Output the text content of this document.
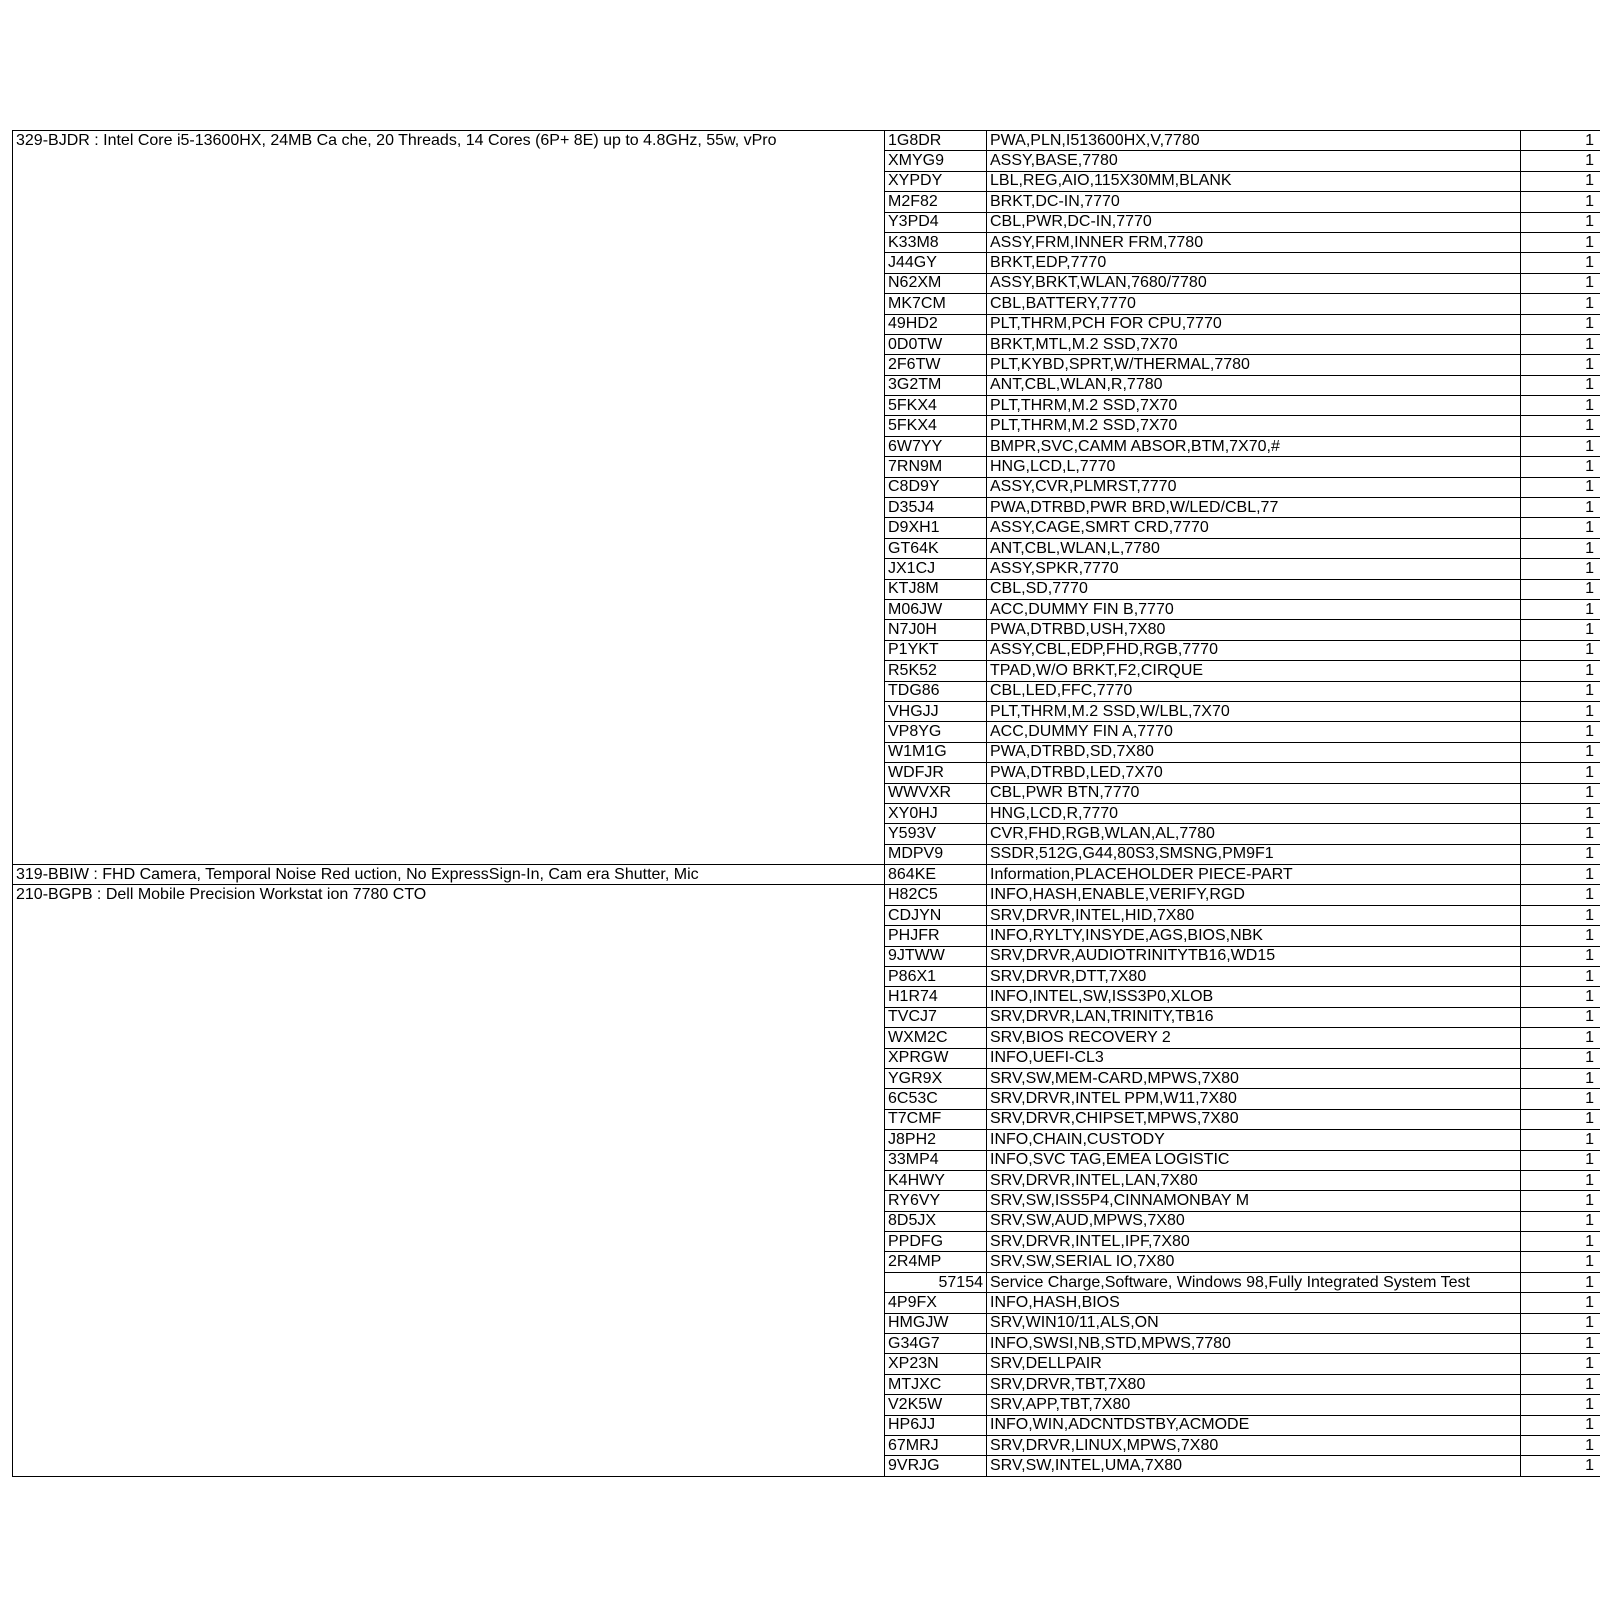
329-BJDR : Intel Core i5-13600HX, 24MB Ca che, 20 Threads, 14 Cores (6P+ 8E) up to 4.8GHz, 55w, vPro	1G8DR	PWA,PLN,I513600HX,V,7780	1
	XMYG9	ASSY,BASE,7780	1
	XYPDY	LBL,REG,AIO,115X30MM,BLANK	1
	M2F82	BRKT,DC-IN,7770	1
	Y3PD4	CBL,PWR,DC-IN,7770	1
	K33M8	ASSY,FRM,INNER FRM,7780	1
	J44GY	BRKT,EDP,7770	1
	N62XM	ASSY,BRKT,WLAN,7680/7780	1
	MK7CM	CBL,BATTERY,7770	1
	49HD2	PLT,THRM,PCH FOR CPU,7770	1
	0D0TW	BRKT,MTL,M.2 SSD,7X70	1
	2F6TW	PLT,KYBD,SPRT,W/THERMAL,7780	1
	3G2TM	ANT,CBL,WLAN,R,7780	1
	5FKX4	PLT,THRM,M.2 SSD,7X70	1
	5FKX4	PLT,THRM,M.2 SSD,7X70	1
	6W7YY	BMPR,SVC,CAMM ABSOR,BTM,7X70,#	1
	7RN9M	HNG,LCD,L,7770	1
	C8D9Y	ASSY,CVR,PLMRST,7770	1
	D35J4	PWA,DTRBD,PWR BRD,W/LED/CBL,77	1
	D9XH1	ASSY,CAGE,SMRT CRD,7770	1
	GT64K	ANT,CBL,WLAN,L,7780	1
	JX1CJ	ASSY,SPKR,7770	1
	KTJ8M	CBL,SD,7770	1
	M06JW	ACC,DUMMY FIN B,7770	1
	N7J0H	PWA,DTRBD,USH,7X80	1
	P1YKT	ASSY,CBL,EDP,FHD,RGB,7770	1
	R5K52	TPAD,W/O BRKT,F2,CIRQUE	1
	TDG86	CBL,LED,FFC,7770	1
	VHGJJ	PLT,THRM,M.2 SSD,W/LBL,7X70	1
	VP8YG	ACC,DUMMY FIN A,7770	1
	W1M1G	PWA,DTRBD,SD,7X80	1
	WDFJR	PWA,DTRBD,LED,7X70	1
	WWVXR	CBL,PWR BTN,7770	1
	XY0HJ	HNG,LCD,R,7770	1
	Y593V	CVR,FHD,RGB,WLAN,AL,7780	1
	MDPV9	SSDR,512G,G44,80S3,SMSNG,PM9F1	1
319-BBIW : FHD Camera, Temporal Noise Red uction, No ExpressSign-In, Cam era Shutter, Mic	864KE	Information,PLACEHOLDER PIECE-PART	1
210-BGPB : Dell Mobile Precision Workstat ion 7780 CTO	H82C5	INFO,HASH,ENABLE,VERIFY,RGD	1
	CDJYN	SRV,DRVR,INTEL,HID,7X80	1
	PHJFR	INFO,RYLTY,INSYDE,AGS,BIOS,NBK	1
	9JTWW	SRV,DRVR,AUDIOTRINITYTB16,WD15	1
	P86X1	SRV,DRVR,DTT,7X80	1
	H1R74	INFO,INTEL,SW,ISS3P0,XLOB	1
	TVCJ7	SRV,DRVR,LAN,TRINITY,TB16	1
	WXM2C	SRV,BIOS RECOVERY 2	1
	XPRGW	INFO,UEFI-CL3	1
	YGR9X	SRV,SW,MEM-CARD,MPWS,7X80	1
	6C53C	SRV,DRVR,INTEL PPM,W11,7X80	1
	T7CMF	SRV,DRVR,CHIPSET,MPWS,7X80	1
	J8PH2	INFO,CHAIN,CUSTODY	1
	33MP4	INFO,SVC TAG,EMEA LOGISTIC	1
	K4HWY	SRV,DRVR,INTEL,LAN,7X80	1
	RY6VY	SRV,SW,ISS5P4,CINNAMONBAY M	1
	8D5JX	SRV,SW,AUD,MPWS,7X80	1
	PPDFG	SRV,DRVR,INTEL,IPF,7X80	1
	2R4MP	SRV,SW,SERIAL IO,7X80	1
	57154	Service Charge,Software, Windows 98,Fully Integrated System Test	1
	4P9FX	INFO,HASH,BIOS	1
	HMGJW	SRV,WIN10/11,ALS,ON	1
	G34G7	INFO,SWSI,NB,STD,MPWS,7780	1
	XP23N	SRV,DELLPAIR	1
	MTJXC	SRV,DRVR,TBT,7X80	1
	V2K5W	SRV,APP,TBT,7X80	1
	HP6JJ	INFO,WIN,ADCNTDSTBY,ACMODE	1
	67MRJ	SRV,DRVR,LINUX,MPWS,7X80	1
	9VRJG	SRV,SW,INTEL,UMA,7X80	1
